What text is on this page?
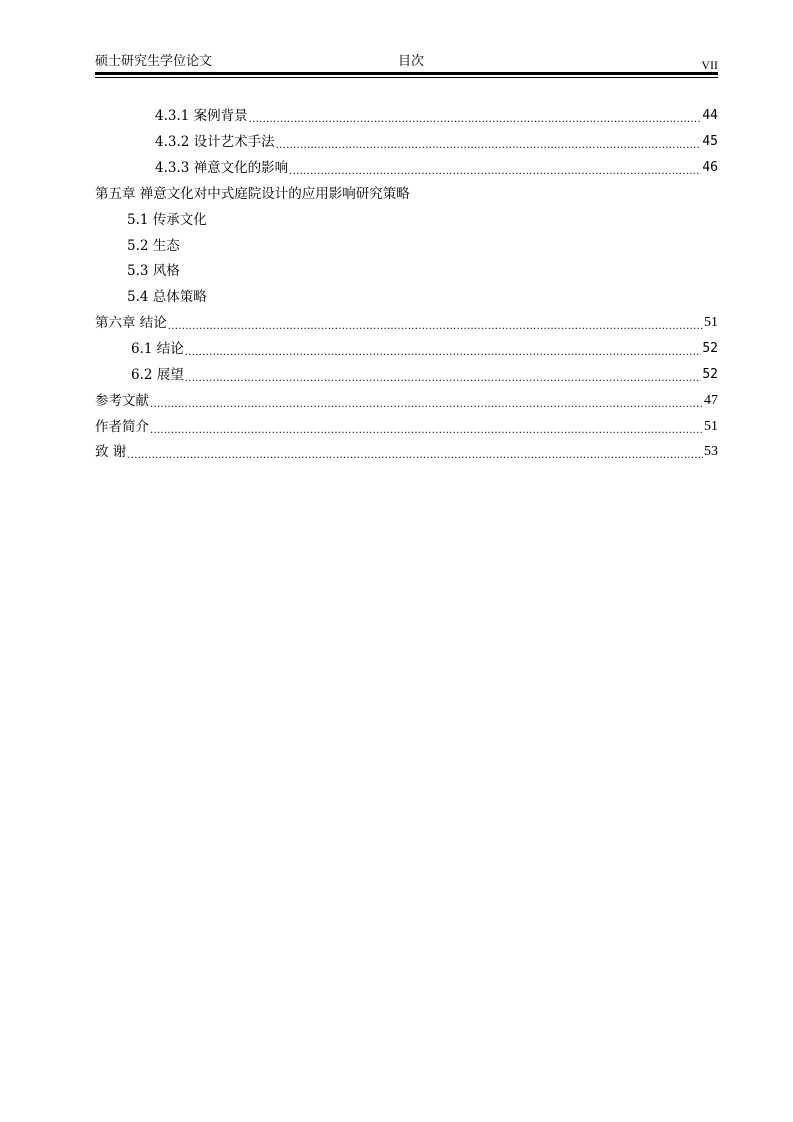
硕士研究生学位论文	目次	VII
4.3.1 案例背景 .....	44
4.3.2 设计艺术手法 .....	45
4.3.3 禅意文化的影响 .....	46
第五章 禅意文化对中式庭院设计的应用影响研究策略
5.1 传承文化
5.2 生态
5.3 风格
5.4 总体策略
第六章 结论 .....	51
6.1 结论 .....	52
6.2 展望 .....	52
参考文献 .....	47
作者简介 .....	51
致 谢 .....	53
